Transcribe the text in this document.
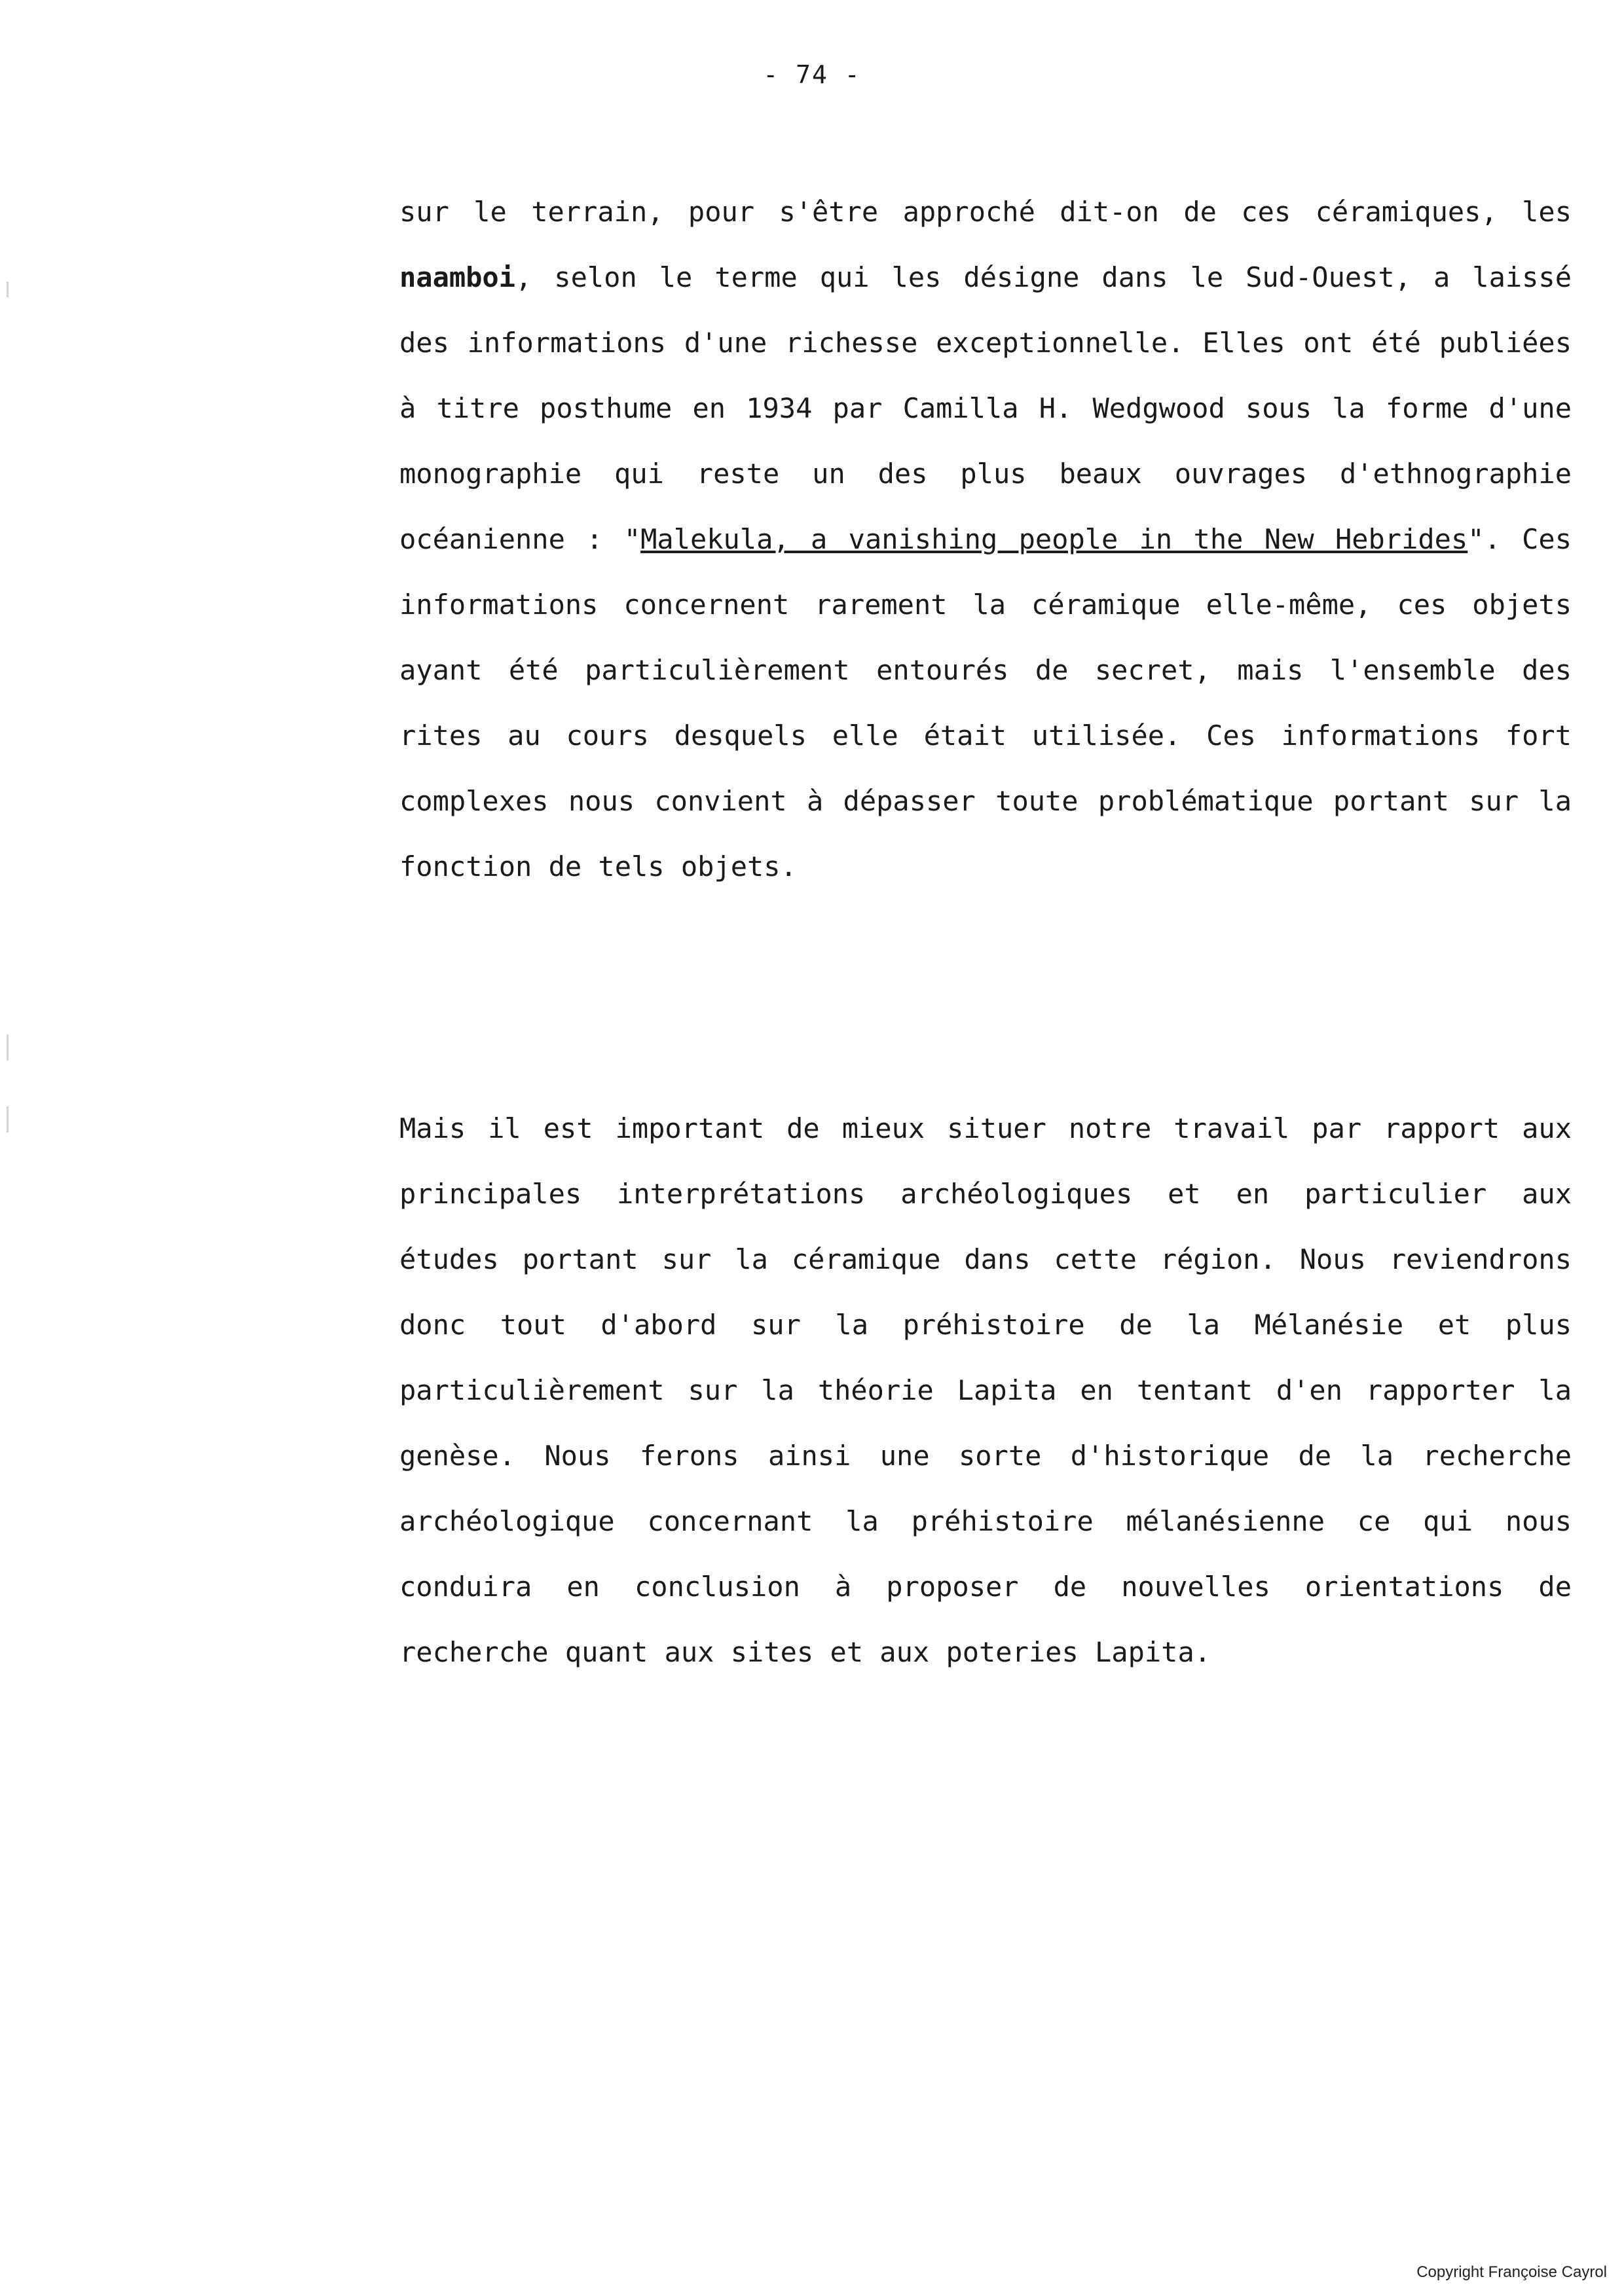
- 74 -

sur le terrain, pour s'être approché dit-on de ces céramiques, les naamboi, selon le terme qui les désigne dans le Sud-Ouest, a laissé des informations d'une richesse exceptionnelle. Elles ont été publiées à titre posthume en 1934 par Camilla H. Wedgwood sous la forme d'une monographie qui reste un des plus beaux ouvrages d'ethnographie océanienne : "Malekula, a vanishing people in the New Hebrides". Ces informations concernent rarement la céramique elle-même, ces objets ayant été particulièrement entourés de secret, mais l'ensemble des rites au cours desquels elle était utilisée. Ces informations fort complexes nous convient à dépasser toute problématique portant sur la fonction de tels objets.

Mais il est important de mieux situer notre travail par rapport aux principales interprétations archéologiques et en particulier aux études portant sur la céramique dans cette région. Nous reviendrons donc tout d'abord sur la préhistoire de la Mélanésie et plus particulièrement sur la théorie Lapita en tentant d'en rapporter la genèse. Nous ferons ainsi une sorte d'historique de la recherche archéologique concernant la préhistoire mélanésienne ce qui nous conduira en conclusion à proposer de nouvelles orientations de recherche quant aux sites et aux poteries Lapita.

Copyright Françoise Cayrol
